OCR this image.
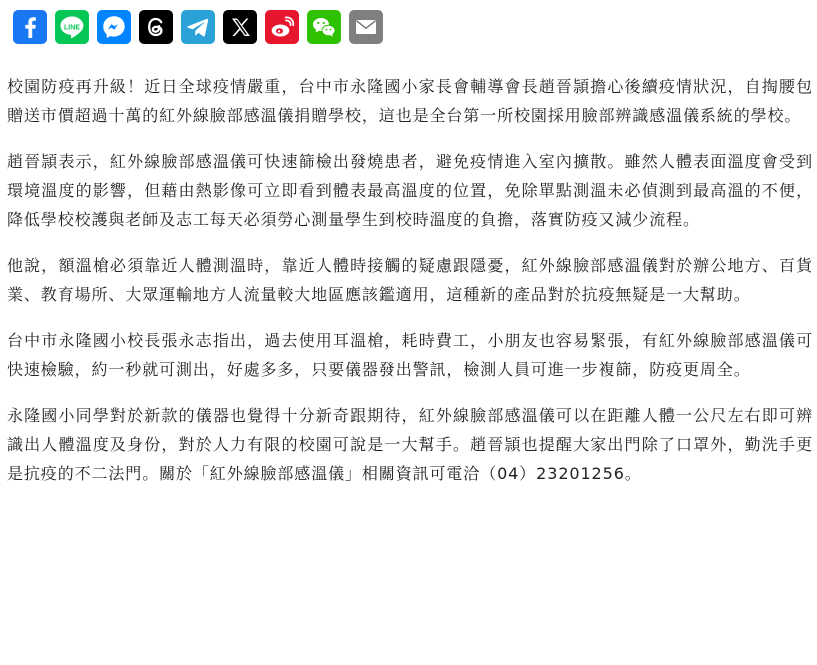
LINE

校園防疫再升級！近日全球疫情嚴重，台中市永隆國小家長會輔導會長趙晉頴擔心後續疫情狀況，自掏腰包贈送市價超過十萬的紅外線臉部感溫儀捐贈學校，這也是全台第一所校園採用臉部辨識感溫儀系統的學校。

趙晉頴表示，紅外線臉部感溫儀可快速篩檢出發燒患者，避免疫情進入室內擴散。雖然人體表面溫度會受到環境溫度的影響，但藉由熱影像可立即看到體表最高溫度的位置，免除單點測溫未必偵測到最高溫的不便，降低學校校護與老師及志工每天必須勞心測量學生到校時溫度的負擔，落實防疫又減少流程。

他說，額溫槍必須靠近人體測溫時，靠近人體時接觸的疑慮跟隱憂，紅外線臉部感溫儀對於辦公地方、百貨業、教育場所、大眾運輸地方人流量較大地區應該鑑適用，這種新的產品對於抗疫無疑是一大幫助。

台中市永隆國小校長張永志指出，過去使用耳溫槍，耗時費工，小朋友也容易緊張，有紅外線臉部感溫儀可快速檢驗，約一秒就可測出，好處多多，只要儀器發出警訊，檢測人員可進一步複篩，防疫更周全。

永隆國小同學對於新款的儀器也覺得十分新奇跟期待，紅外線臉部感溫儀可以在距離人體一公尺左右即可辨識出人體溫度及身份，對於人力有限的校園可說是一大幫手。趙晉頴也提醒大家出門除了口罩外，勤洗手更是抗疫的不二法門。關於「紅外線臉部感溫儀」相關資訊可電洽（04）23201256。
